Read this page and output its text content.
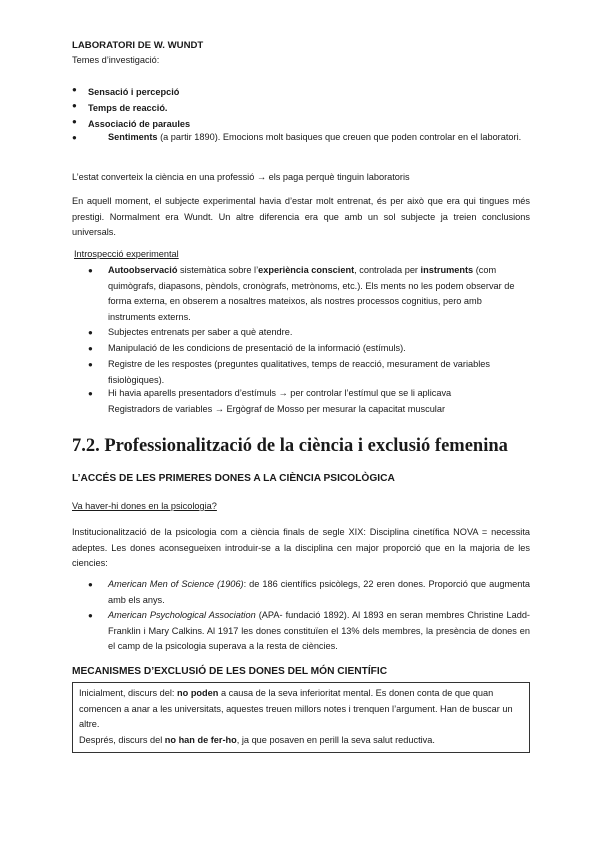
LABORATORI DE W. WUNDT
Temes d’investigació:
● Sensació i percepció
● Temps de reacció.
● Associació de paraules
●	Sentiments (a partir 1890). Emocions molt basiques que creuen que poden controlar en el laboratori.
L’estat converteix la ciència en una professió → els paga perquè tinguin laboratoris
En aquell moment, el subjecte experimental havia d’estar molt entrenat, és per això que era qui tingues més prestigi. Normalment era Wundt. Un altre diferencia era que amb un sol subjecte ja treien conclusions universals.
Introspecció experimental
● Autoobservació sistemàtica sobre l’experiència conscient, controlada per instruments (com quimògrafs, diapasons, pèndols, cronògrafs, metrònoms, etc.). Els ments no les podem observar de forma externa, en obserem a nosaltres mateixos, als nostres processos cognitius, pero amb instruments externs.
● Subjectes entrenats per saber a què atendre.
● Manipulació de les condicions de presentació de la informació (estímuls).
● Registre de les respostes (preguntes qualitatives, temps de reacció, mesurament de variables fisiològiques).
● Hi havia aparells presentadors d’estímuls → per controlar l’estímul que se li aplicava Registradors de variables → Ergògraf de Mosso per mesurar la capacitat muscular
7.2. Professionalització de la ciència i exclusió femenina
L’ACCÉS DE LES PRIMERES DONES A LA CIÈNCIA PSICOLÒGICA
Va haver-hi dones en la psicologia?
Institucionalització de la psicologia com a ciència finals de segle XIX: Disciplina cinetífica NOVA = necessita adeptes. Les dones aconsegueixen introduir-se a la disciplina cen major proporció que en la majoria de les ciencies:
● American Men of Science (1906): de 186 científics psicòlegs, 22 eren dones. Proporció que augmenta amb els anys.
● American Psychological Association (APA- fundació 1892). Al 1893 en seran membres Christine Ladd-Franklin i Mary Calkins. Al 1917 les dones constituïen el 13% dels membres, la presència de dones en el camp de la psicologia superava a la resta de ciències.
MECANISMES D’EXCLUSIÓ DE LES DONES DEL MÓN CIENTÍFIC
Inicialment, discurs del: no poden a causa de la seva inferioritat mental. Es donen conta de que quan comencen a anar a les universitats, aquestes treuen millors notes i trenquen l’argument. Han de buscar un altre.
Després, discurs del no han de fer-ho, ja que posaven en perill la seva salut reductiva.
